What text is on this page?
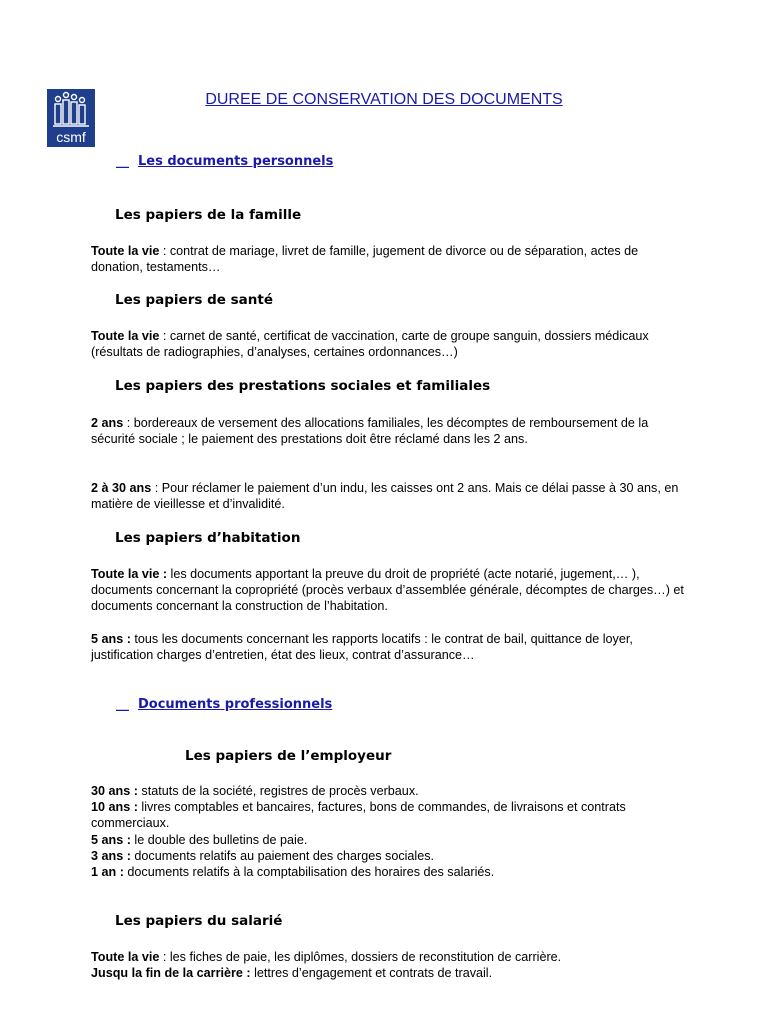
csmf
DUREE DE CONSERVATION DES DOCUMENTS
__ Les documents personnels
Les papiers de la famille
Toute la vie : contrat de mariage, livret de famille, jugement de divorce ou de séparation, actes de donation, testaments…
Les papiers de santé
Toute la vie : carnet de santé, certificat de vaccination, carte de groupe sanguin, dossiers médicaux (résultats de radiographies, d’analyses, certaines ordonnances…)
Les papiers des prestations sociales et familiales
2 ans : bordereaux de versement des allocations familiales, les décomptes de remboursement de la sécurité sociale ; le paiement des prestations doit être réclamé dans les 2 ans.
2 à 30 ans : Pour réclamer le paiement d’un indu, les caisses ont 2 ans. Mais ce délai passe à 30 ans, en matière de vieillesse et d’invalidité.
Les papiers d’habitation
Toute la vie : les documents apportant la preuve du droit de propriété (acte notarié, jugement,… ), documents concernant la copropriété (procès verbaux d’assemblée générale, décomptes de charges…) et documents concernant la construction de l’habitation.
5 ans : tous les documents concernant les rapports locatifs : le contrat de bail, quittance de loyer, justification charges d’entretien, état des lieux, contrat d’assurance…
__ Documents professionnels
Les papiers de l’employeur
30 ans : statuts de la société, registres de procès verbaux.
10 ans : livres comptables et bancaires, factures, bons de commandes, de livraisons et contrats commerciaux.
5 ans : le double des bulletins de paie.
3 ans : documents relatifs au paiement des charges sociales.
1 an : documents relatifs à la comptabilisation des horaires des salariés.
Les papiers du salarié
Toute la vie : les fiches de paie, les diplômes, dossiers de reconstitution de carrière.
Jusqu la fin de la carrière : lettres d’engagement et contrats de travail.
